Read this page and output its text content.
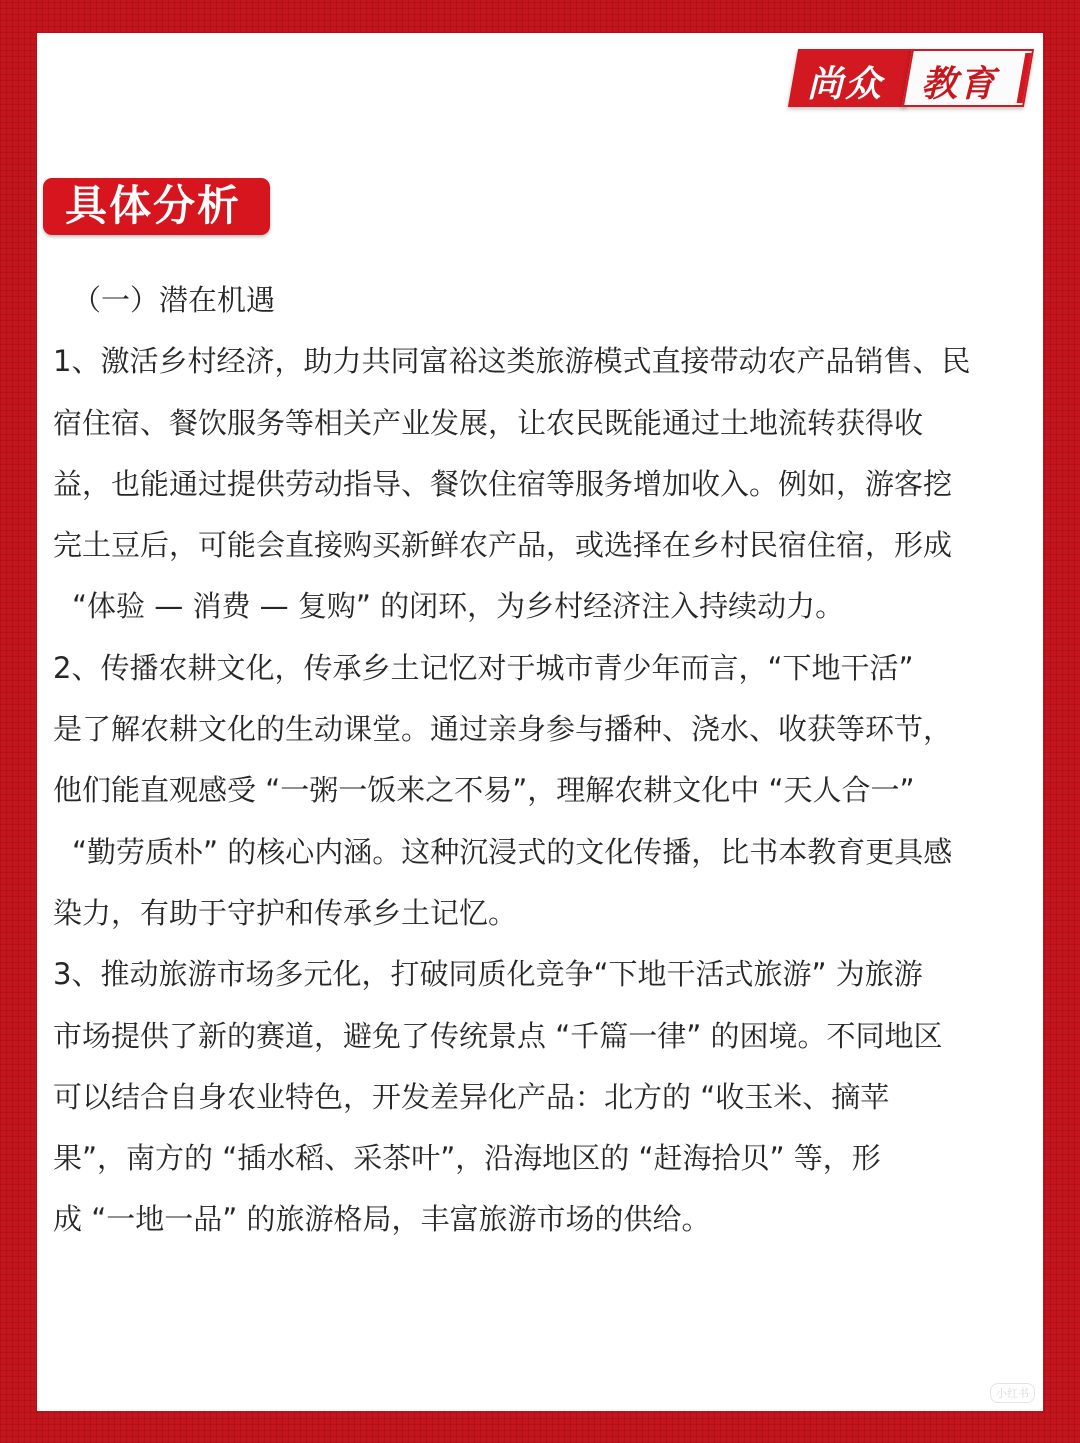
尚众 教育
具体分析
（一）潜在机遇
1、激活乡村经济，助力共同富裕这类旅游模式直接带动农产品销售、民
宿住宿、餐饮服务等相关产业发展，让农民既能通过土地流转获得收
益，也能通过提供劳动指导、餐饮住宿等服务增加收入。例如，游客挖
完土豆后，可能会直接购买新鲜农产品，或选择在乡村民宿住宿，形成
“体验 — 消费 — 复购” 的闭环，为乡村经济注入持续动力。
2、传播农耕文化，传承乡土记忆对于城市青少年而言，“下地干活”
是了解农耕文化的生动课堂。通过亲身参与播种、浇水、收获等环节，
他们能直观感受 “一粥一饭来之不易”，理解农耕文化中 “天人合一”
“勤劳质朴” 的核心内涵。这种沉浸式的文化传播，比书本教育更具感
染力，有助于守护和传承乡土记忆。
3、推动旅游市场多元化，打破同质化竞争“下地干活式旅游” 为旅游
市场提供了新的赛道，避免了传统景点 “千篇一律” 的困境。不同地区
可以结合自身农业特色，开发差异化产品：北方的 “收玉米、摘苹
果”，南方的 “插水稻、采茶叶”，沿海地区的 “赶海拾贝” 等，形
成 “一地一品” 的旅游格局，丰富旅游市场的供给。
小红书
